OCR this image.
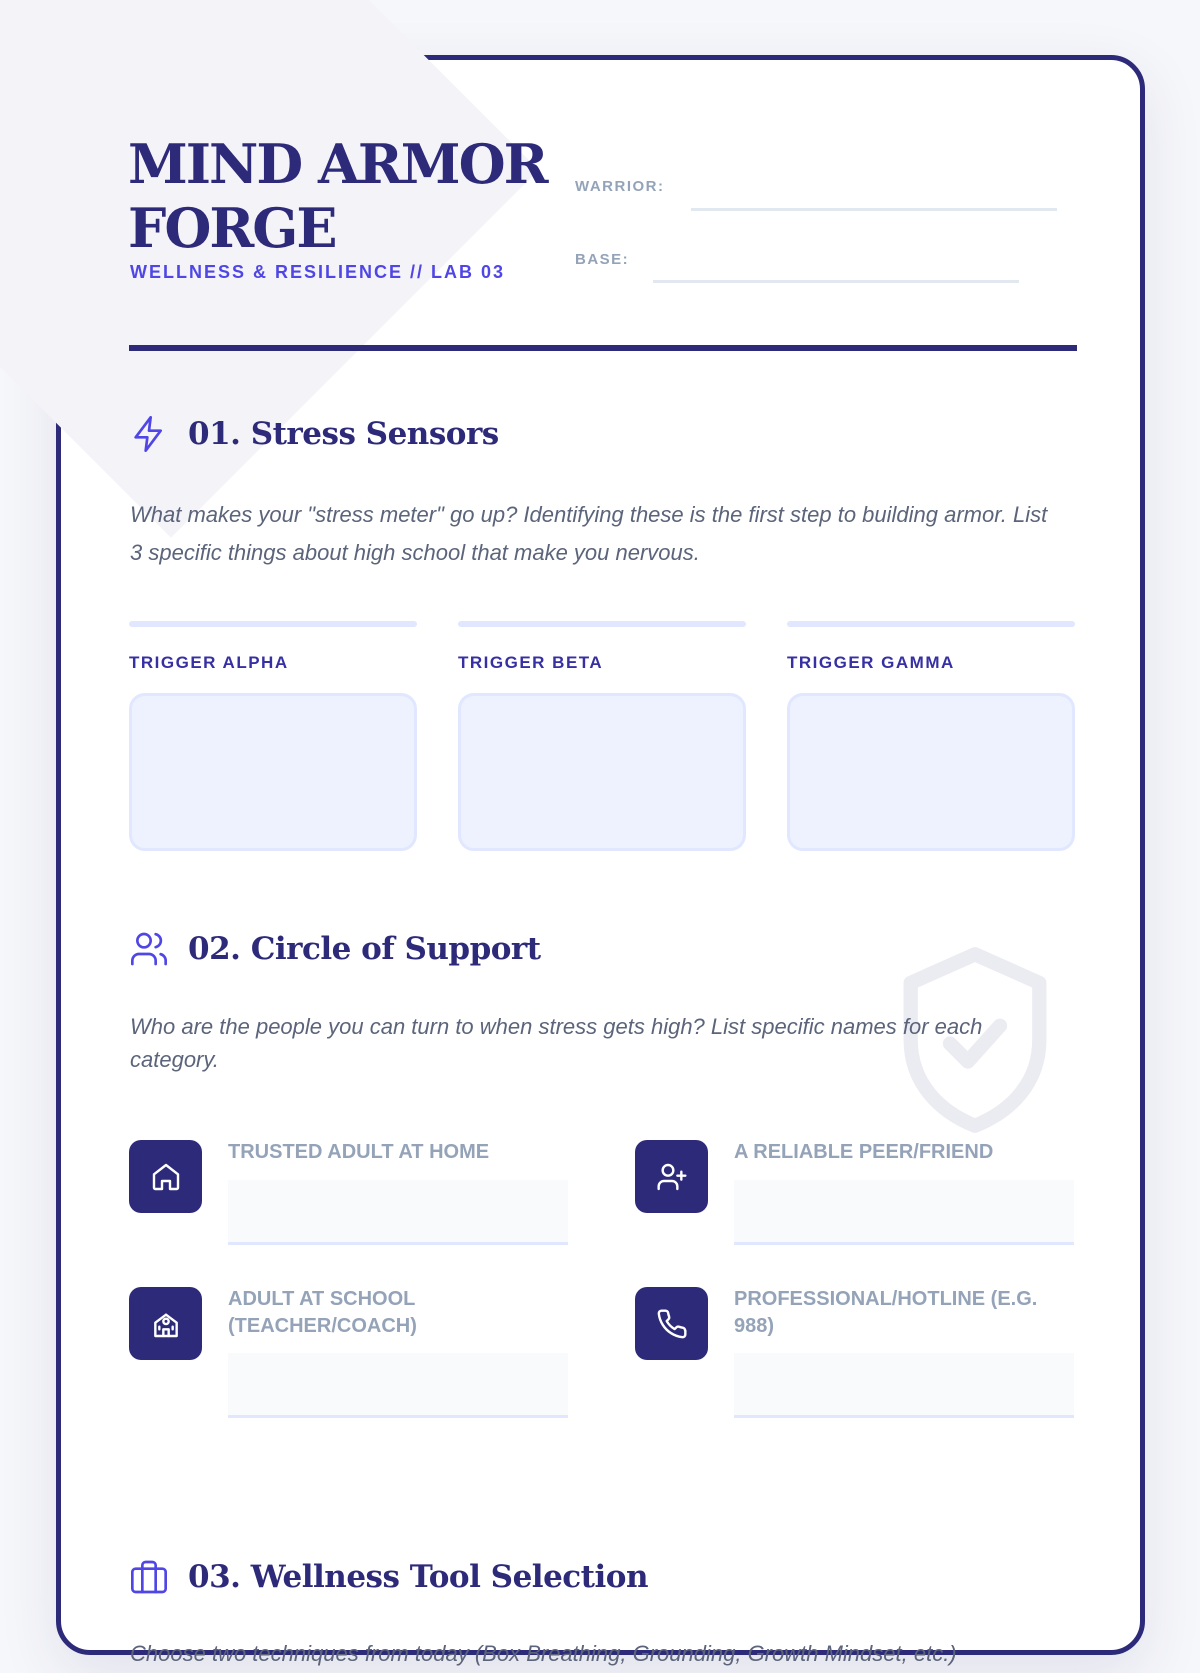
MIND ARMOR FORGE
WELLNESS & RESILIENCE // LAB 03
WARRIOR:
BASE:
01. Stress Sensors
What makes your "stress meter" go up? Identifying these is the first step to building armor. List 3 specific things about high school that make you nervous.
TRIGGER ALPHA	TRIGGER BETA	TRIGGER GAMMA
02. Circle of Support
Who are the people you can turn to when stress gets high? List specific names for each category.
TRUSTED ADULT AT HOME	A RELIABLE PEER/FRIEND
ADULT AT SCHOOL (TEACHER/COACH)
PROFESSIONAL/HOTLINE (E.G. 988)
03. Wellness Tool Selection
Choose two techniques from today (Box Breathing, Grounding, Growth Mindset, etc.)
